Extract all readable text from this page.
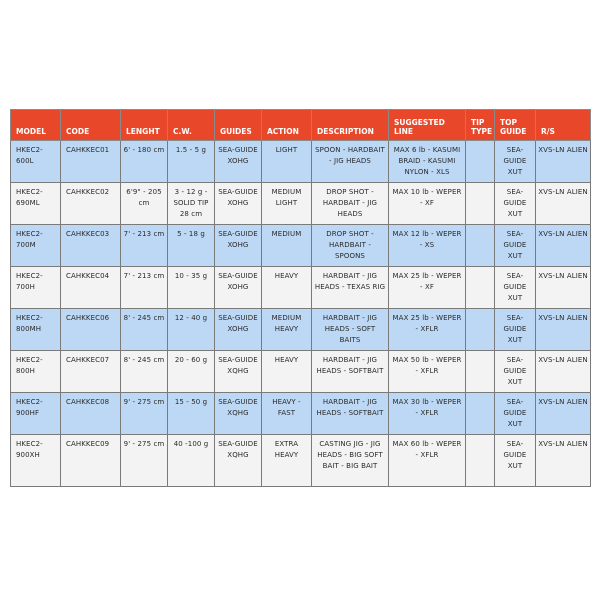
MODEL	CODE	LENGHT	C.W.	GUIDES	ACTION	DESCRIPTION	SUGGESTED LINE	TIP TYPE	TOP GUIDE	R/S
HKEC2-600L	CAHKKEC01	6' - 180 cm	1.5 - 5 g	SEA-GUIDE XOHG	LIGHT	SPOON - HARDBAIT - JIG HEADS	MAX 6 lb - KASUMI BRAID - KASUMI NYLON - XLS		SEA-GUIDE XUT	XVS-LN ALIEN
HKEC2-690ML	CAHKKEC02	6'9" - 205 cm	3 - 12 g - SOLID TIP 28 cm	SEA-GUIDE XOHG	MEDIUM LIGHT	DROP SHOT - HARDBAIT - JIG HEADS	MAX 10 lb - WEPER - XF		SEA-GUIDE XUT	XVS-LN ALIEN
HKEC2-700M	CAHKKEC03	7' - 213 cm	5 - 18 g	SEA-GUIDE XOHG	MEDIUM	DROP SHOT - HARDBAIT - SPOONS	MAX 12 lb - WEPER - XS		SEA-GUIDE XUT	XVS-LN ALIEN
HKEC2-700H	CAHKKEC04	7' - 213 cm	10 - 35 g	SEA-GUIDE XOHG	HEAVY	HARDBAIT - JIG HEADS - TEXAS RIG	MAX 25 lb - WEPER - XF		SEA-GUIDE XUT	XVS-LN ALIEN
HKEC2-800MH	CAHKKEC06	8' - 245 cm	12 - 40 g	SEA-GUIDE XOHG	MEDIUM HEAVY	HARDBAIT - JIG HEADS - SOFT BAITS	MAX 25 lb - WEPER - XFLR		SEA-GUIDE XUT	XVS-LN ALIEN
HKEC2-800H	CAHKKEC07	8' - 245 cm	20 - 60 g	SEA-GUIDE XQHG	HEAVY	HARDBAIT - JIG HEADS - SOFTBAIT	MAX 50 lb - WEPER - XFLR		SEA-GUIDE XUT	XVS-LN ALIEN
HKEC2-900HF	CAHKKEC08	9' - 275 cm	15 - 50 g	SEA-GUIDE XQHG	HEAVY - FAST	HARDBAIT - JIG HEADS - SOFTBAIT	MAX 30 lb - WEPER - XFLR		SEA-GUIDE XUT	XVS-LN ALIEN
HKEC2-900XH	CAHKKEC09	9' - 275 cm	40 -100 g	SEA-GUIDE XQHG	EXTRA HEAVY	CASTING JIG - JIG HEADS - BIG SOFT BAIT - BIG BAIT	MAX 60 lb - WEPER - XFLR		SEA-GUIDE XUT	XVS-LN ALIEN
